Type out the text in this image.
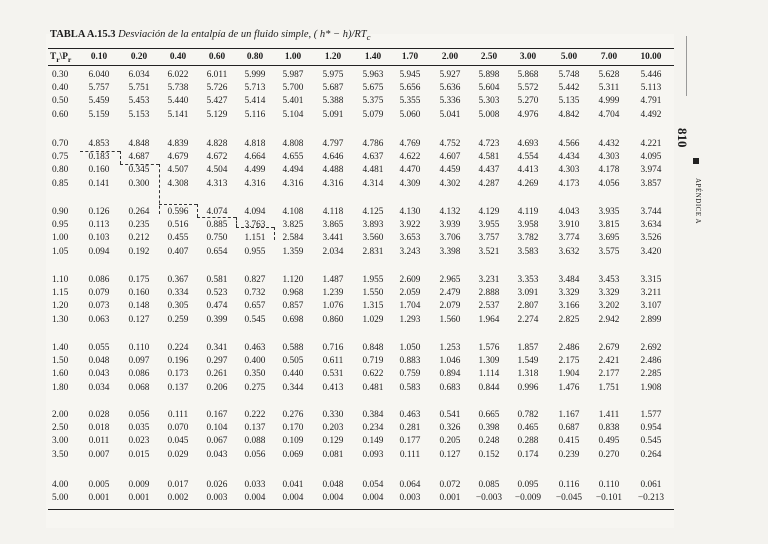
TABLA A.15.3 Desviación de la entalpía de un fluido simple, ( $h* - h)/RT_c$
$T_r\backslash P_r$	0.10	0.20	0.40	0.60	0.80	1.00	1.20	1.40	1.70	2.00	2.50	3.00	5.00	7.00	10.00
0.30	6.040	6.034	6.022	6.011	5.999	5.987	5.975	5.963	5.945	5.927	5.898	5.868	5.748	5.628	5.446
0.40	5.757	5.751	5.738	5.726	5.713	5.700	5.687	5.675	5.656	5.636	5.604	5.572	5.442	5.311	5.113
0.50	5.459	5.453	5.440	5.427	5.414	5.401	5.388	5.375	5.355	5.336	5.303	5.270	5.135	4.999	4.791
0.60	5.159	5.153	5.141	5.129	5.116	5.104	5.091	5.079	5.060	5.041	5.008	4.976	4.842	4.704	4.492
0.70	4.853	4.848	4.839	4.828	4.818	4.808	4.797	4.786	4.769	4.752	4.723	4.693	4.566	4.432	4.221
0.75	0.183	4.687	4.679	4.672	4.664	4.655	4.646	4.637	4.622	4.607	4.581	4.554	4.434	4.303	4.095
0.80	0.160	0.345	4.507	4.504	4.499	4.494	4.488	4.481	4.470	4.459	4.437	4.413	4.303	4.178	3.974
0.85	0.141	0.300	4.308	4.313	4.316	4.316	4.316	4.314	4.309	4.302	4.287	4.269	4.173	4.056	3.857
0.90	0.126	0.264	0.596	4.074	4.094	4.108	4.118	4.125	4.130	4.132	4.129	4.119	4.043	3.935	3.744
0.95	0.113	0.235	0.516	0.885	3.763	3.825	3.865	3.893	3.922	3.939	3.955	3.958	3.910	3.815	3.634
1.00	0.103	0.212	0.455	0.750	1.151	2.584	3.441	3.560	3.653	3.706	3.757	3.782	3.774	3.695	3.526
1.05	0.094	0.192	0.407	0.654	0.955	1.359	2.034	2.831	3.243	3.398	3.521	3.583	3.632	3.575	3.420
1.10	0.086	0.175	0.367	0.581	0.827	1.120	1.487	1.955	2.609	2.965	3.231	3.353	3.484	3.453	3.315
1.15	0.079	0.160	0.334	0.523	0.732	0.968	1.239	1.550	2.059	2.479	2.888	3.091	3.329	3.329	3.211
1.20	0.073	0.148	0.305	0.474	0.657	0.857	1.076	1.315	1.704	2.079	2.537	2.807	3.166	3.202	3.107
1.30	0.063	0.127	0.259	0.399	0.545	0.698	0.860	1.029	1.293	1.560	1.964	2.274	2.825	2.942	2.899
1.40	0.055	0.110	0.224	0.341	0.463	0.588	0.716	0.848	1.050	1.253	1.576	1.857	2.486	2.679	2.692
1.50	0.048	0.097	0.196	0.297	0.400	0.505	0.611	0.719	0.883	1.046	1.309	1.549	2.175	2.421	2.486
1.60	0.043	0.086	0.173	0.261	0.350	0.440	0.531	0.622	0.759	0.894	1.114	1.318	1.904	2.177	2.285
1.80	0.034	0.068	0.137	0.206	0.275	0.344	0.413	0.481	0.583	0.683	0.844	0.996	1.476	1.751	1.908
2.00	0.028	0.056	0.111	0.167	0.222	0.276	0.330	0.384	0.463	0.541	0.665	0.782	1.167	1.411	1.577
2.50	0.018	0.035	0.070	0.104	0.137	0.170	0.203	0.234	0.281	0.326	0.398	0.465	0.687	0.838	0.954
3.00	0.011	0.023	0.045	0.067	0.088	0.109	0.129	0.149	0.177	0.205	0.248	0.288	0.415	0.495	0.545
3.50	0.007	0.015	0.029	0.043	0.056	0.069	0.081	0.093	0.111	0.127	0.152	0.174	0.239	0.270	0.264
4.00	0.005	0.009	0.017	0.026	0.033	0.041	0.048	0.054	0.064	0.072	0.085	0.095	0.116	0.110	0.061
5.00	0.001	0.001	0.002	0.003	0.004	0.004	0.004	0.004	0.003	0.001	−0.003	−0.009	−0.045	−0.101	−0.213
810
APÉNDICE A
